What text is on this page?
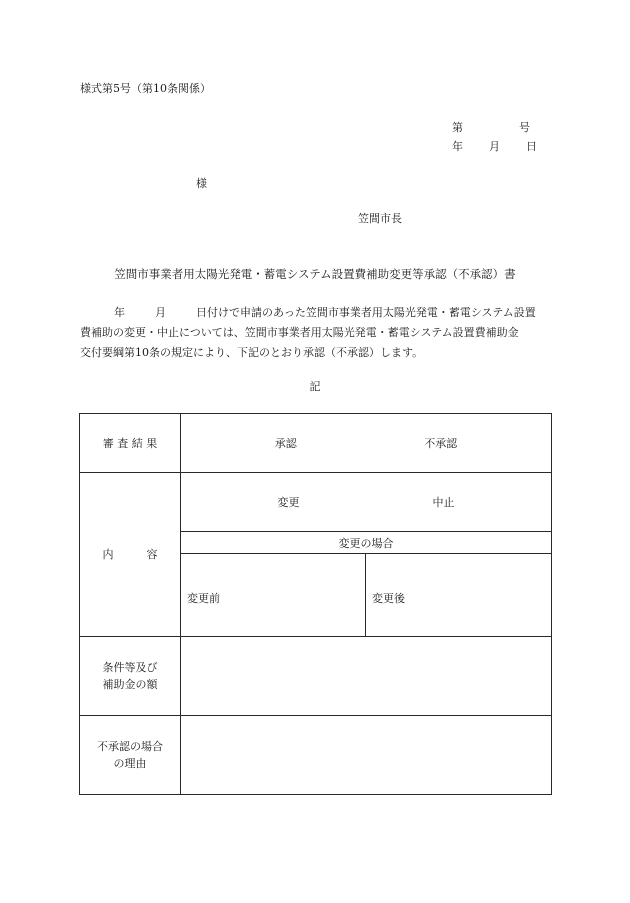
様式第5号（第10条関係）
第	号
年 月 日
様
笠間市長
笠間市事業者用太陽光発電・蓄電システム設置費補助変更等承認（不承認）書
年	月	日付けで申請のあった笠間市事業者用太陽光発電・蓄電システム設置
費補助の変更・中止については、笠間市事業者用太陽光発電・蓄電システム設置費補助金
交付要綱第10条の規定により、下記のとおり承認（不承認）します。
記
審 査 結 果	承認 不承認	

内　　　容	変更 中止	

	変更の場合	
	変更前	変更後
条件等及び
補助金の額		
不承認の場合
の理由		
